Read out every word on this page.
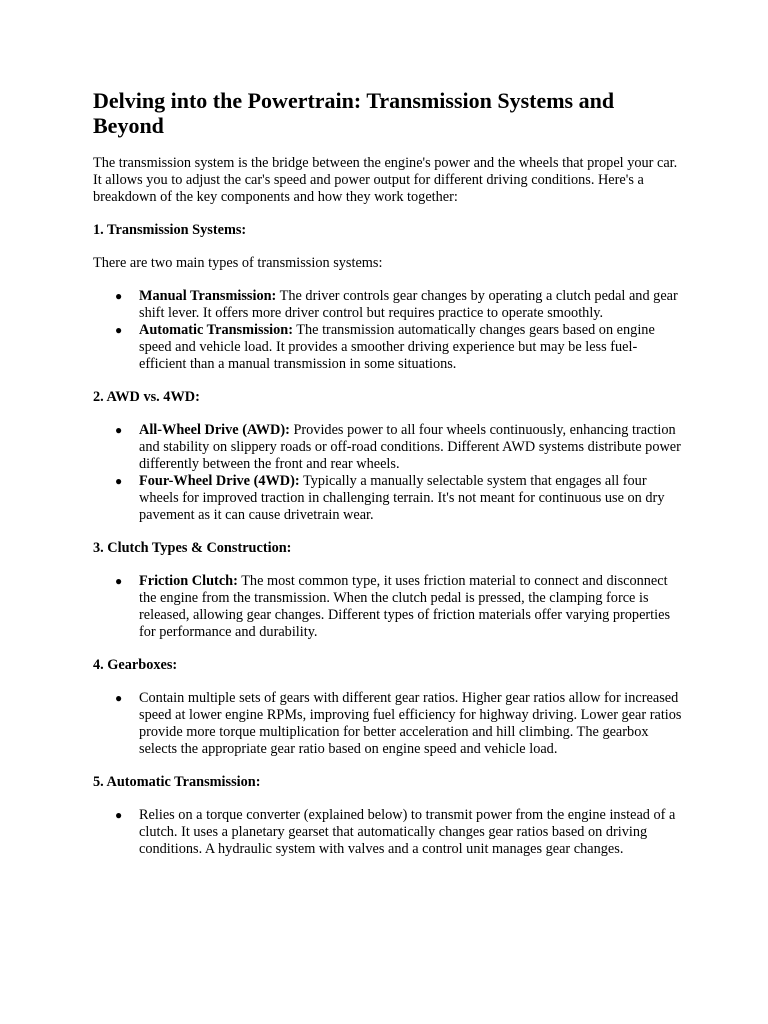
Delving into the Powertrain: Transmission Systems and Beyond

The transmission system is the bridge between the engine's power and the wheels that propel your car. It allows you to adjust the car's speed and power output for different driving conditions. Here's a breakdown of the key components and how they work together:

1. Transmission Systems:

There are two main types of transmission systems:

● Manual Transmission: The driver controls gear changes by operating a clutch pedal and gear shift lever. It offers more driver control but requires practice to operate smoothly.
● Automatic Transmission: The transmission automatically changes gears based on engine speed and vehicle load. It provides a smoother driving experience but may be less fuel-efficient than a manual transmission in some situations.

2. AWD vs. 4WD:

● All-Wheel Drive (AWD): Provides power to all four wheels continuously, enhancing traction and stability on slippery roads or off-road conditions. Different AWD systems distribute power differently between the front and rear wheels.
● Four-Wheel Drive (4WD): Typically a manually selectable system that engages all four wheels for improved traction in challenging terrain. It's not meant for continuous use on dry pavement as it can cause drivetrain wear.

3. Clutch Types & Construction:

● Friction Clutch: The most common type, it uses friction material to connect and disconnect the engine from the transmission. When the clutch pedal is pressed, the clamping force is released, allowing gear changes. Different types of friction materials offer varying properties for performance and durability.

4. Gearboxes:

● Contain multiple sets of gears with different gear ratios. Higher gear ratios allow for increased speed at lower engine RPMs, improving fuel efficiency for highway driving. Lower gear ratios provide more torque multiplication for better acceleration and hill climbing. The gearbox selects the appropriate gear ratio based on engine speed and vehicle load.

5. Automatic Transmission:

● Relies on a torque converter (explained below) to transmit power from the engine instead of a clutch. It uses a planetary gearset that automatically changes gear ratios based on driving conditions. A hydraulic system with valves and a control unit manages gear changes.
